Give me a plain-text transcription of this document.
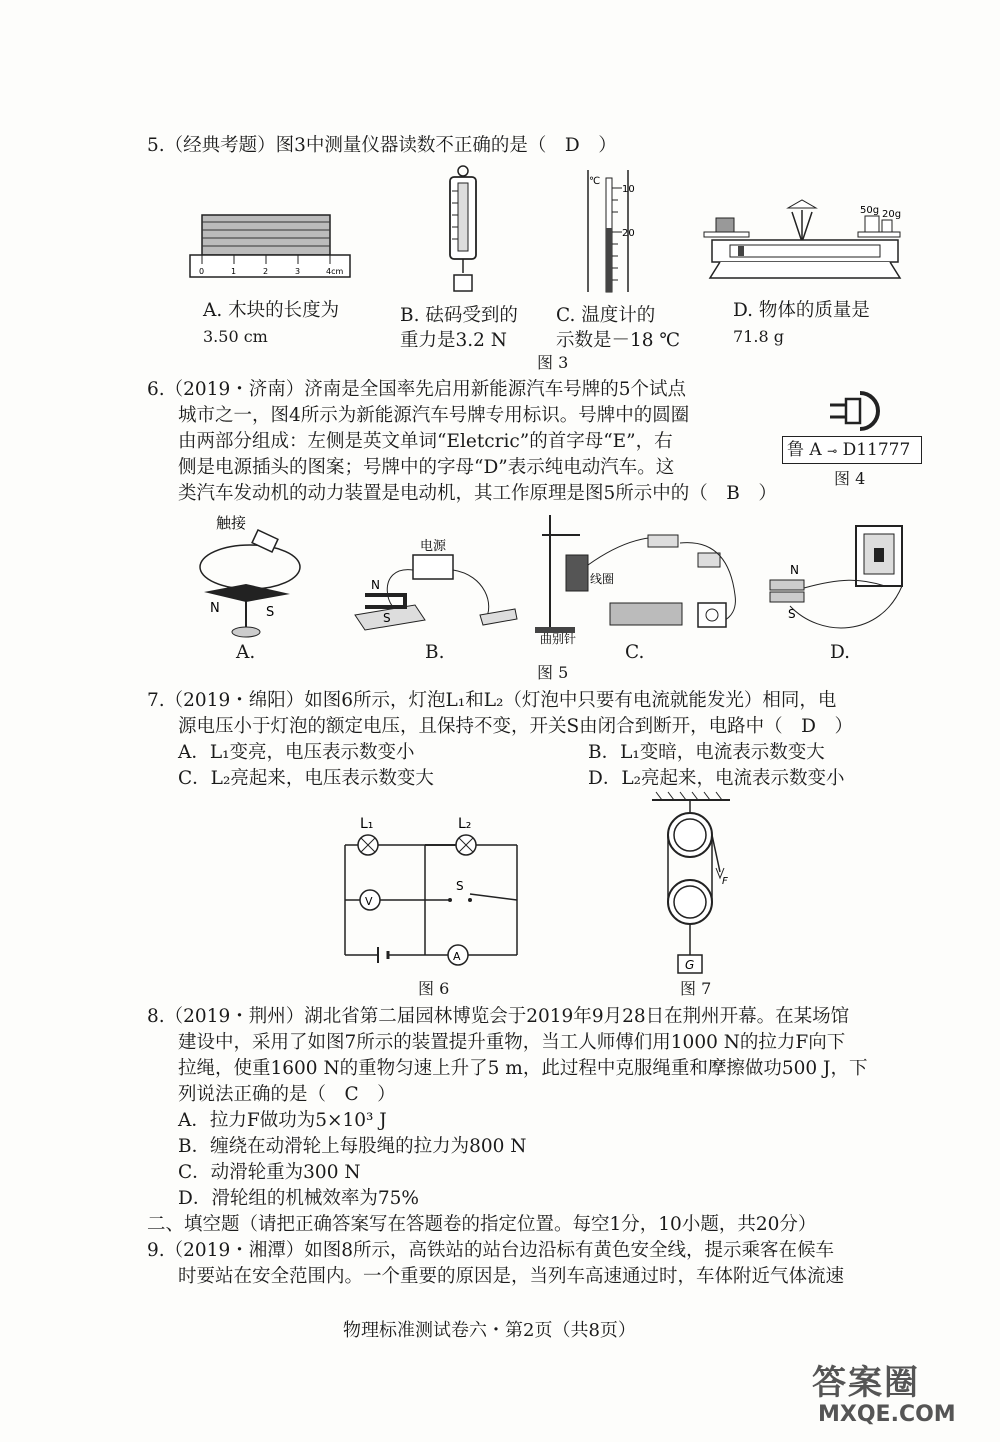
5.（经典考题）图3中测量仪器读数不正确的是（　D　）
0	1	2	3	4cm
℃
10
20
50g 20g
A. 木块的长度为
3.50 cm
B. 砝码受到的
重力是3.2 N
C. 温度计的
示数是－18 ℃
D. 物体的质量是
71.8 g
图 3
6.（2019・济南）济南是全国率先启用新能源汽车号牌的5个试点
城市之一，图4所示为新能源汽车号牌专用标识。号牌中的圆圈
由两部分组成：左侧是英文单词“Eletcric”的首字母“E”，右
侧是电源插头的图案；号牌中的字母“D”表示纯电动汽车。这
类汽车发动机的动力装置是电动机，其工作原理是图5所示中的（　B　）
鲁 A ⊸ D11777
图 4
触接
N	S
电源
N
S
线圈
曲别针
N
S
A.	B.	C.	D.
图 5
7.（2019・绵阳）如图6所示，灯泡L₁和L₂（灯泡中只要有电流就能发光）相同，电
源电压小于灯泡的额定电压，且保持不变，开关S由闭合到断开，电路中（　D　）
A．L₁变亮，电压表示数变小	B．L₁变暗，电流表示数变大
C．L₂亮起来，电压表示数变大	D．L₂亮起来，电流表示数变小
V
A
L₁	L₂
S
图 6
F
G
图 7
8.（2019・荆州）湖北省第二届园林博览会于2019年9月28日在荆州开幕。在某场馆
建设中，采用了如图7所示的装置提升重物，当工人师傅们用1000 N的拉力F向下
拉绳，使重1600 N的重物匀速上升了5 m，此过程中克服绳重和摩擦做功500 J，下
列说法正确的是（　C　）
A．拉力F做功为5×10³ J
B．缠绕在动滑轮上每股绳的拉力为800 N
C．动滑轮重为300 N
D．滑轮组的机械效率为75%
二、填空题（请把正确答案写在答题卷的指定位置。每空1分，10小题，共20分）
9.（2019・湘潭）如图8所示，高铁站的站台边沿标有黄色安全线，提示乘客在候车
时要站在安全范围内。一个重要的原因是，当列车高速通过时，车体附近气体流速
物理标准测试卷六・第2页（共8页）
答案圈
MXQE.COM
